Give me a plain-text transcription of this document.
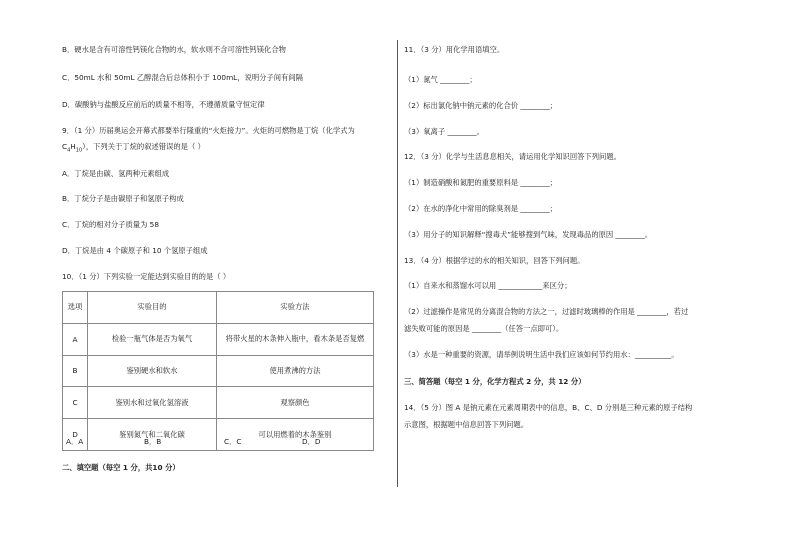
B．硬水是含有可溶性钙镁化合物的水，软水则不含可溶性钙镁化合物
C．50mL 水和 50mL 乙醇混合后总体积小于 100mL，说明分子间有间隔
D．碳酸钠与盐酸反应前后的质量不相等，不遵循质量守恒定律
9．（1 分）历届奥运会开幕式都要举行隆重的“火炬接力”。火炬的可燃物是丁烷（化学式为
$C_4H_{10}$），下列关于丁烷的叙述错误的是（ ）
A．丁烷是由碳、氢两种元素组成
B．丁烷分子是由碳原子和氢原子构成
C．丁烷的相对分子质量为 58
D．丁烷是由 4 个碳原子和 10 个氢原子组成
10．（1 分）下列实验一定能达到实验目的的是（ ）
选项	实验目的	实验方法
A	检验一瓶气体是否为氧气	将带火星的木条伸入瓶中，看木条是否复燃
B	鉴别硬水和软水	使用煮沸的方法
C	鉴别水和过氧化氢溶液	观察颜色
D	鉴别氮气和二氧化碳	可以用燃着的木条鉴别
A．A	B．B	C．C	D．D
二、填空题（每空 1 分，共10 分）
11．（3 分）用化学用语填空。
（1）氮气 ________；
（2）标出氯化钠中钠元素的化合价 ________；
（3）氧离子 ________。
12．（3 分）化学与生活息息相关，请运用化学知识回答下列问题。
（1）制造硝酸和氮肥的重要原料是 ________；
（2）在水的净化中常用的除臭剂是 ________；
（3）用分子的知识解释“搜毒犬”能够搜到气味，发现毒品的原因 ________。
13．（4 分）根据学过的水的相关知识，回答下列问题。
（1）自来水和蒸馏水可以用 ____________来区分；
（2）过滤操作是常见的分离混合物的方法之一，过滤时玻璃棒的作用是 ________，若过
滤失败可能的原因是 ________（任答一点即可）。
（3）水是一种重要的资源，请举例说明生活中我们应该如何节约用水：__________。
三、简答题（每空 1 分，化学方程式 2 分，共 12 分）
14．（5 分）图 A 是钠元素在元素周期表中的信息，B、C、D 分别是三种元素的原子结构
示意图，根据题中信息回答下列问题。
